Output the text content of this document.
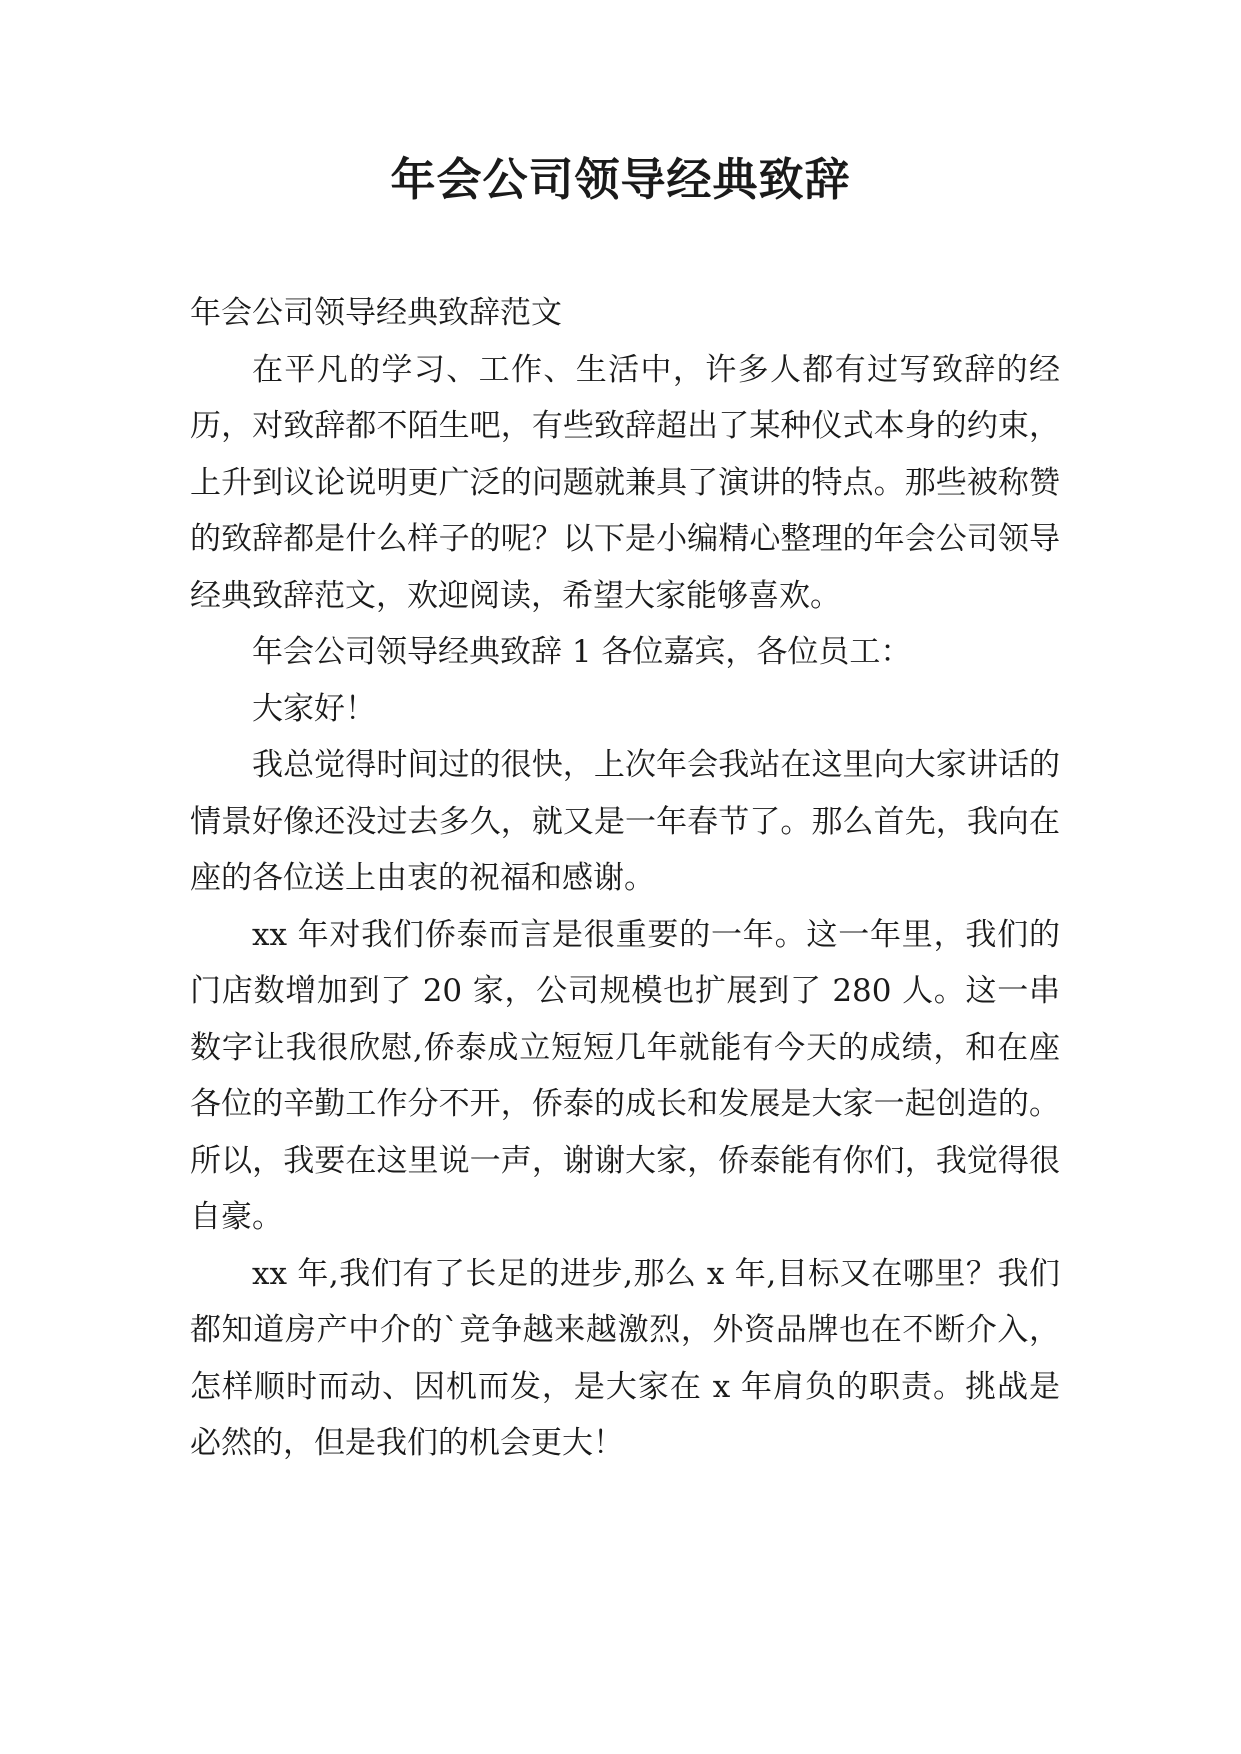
年会公司领导经典致辞

年会公司领导经典致辞范文

在平凡的学习、工作、生活中，许多人都有过写致辞的经历，对致辞都不陌生吧，有些致辞超出了某种仪式本身的约束，上升到议论说明更广泛的问题就兼具了演讲的特点。那些被称赞的致辞都是什么样子的呢？以下是小编精心整理的年会公司领导经典致辞范文，欢迎阅读，希望大家能够喜欢。

年会公司领导经典致辞 1 各位嘉宾，各位员工：

大家好！

我总觉得时间过的很快，上次年会我站在这里向大家讲话的情景好像还没过去多久，就又是一年春节了。那么首先，我向在座的各位送上由衷的祝福和感谢。

xx 年对我们侨泰而言是很重要的一年。这一年里，我们的门店数增加到了 20 家，公司规模也扩展到了 280 人。这一串数字让我很欣慰,侨泰成立短短几年就能有今天的成绩，和在座各位的辛勤工作分不开，侨泰的成长和发展是大家一起创造的。所以，我要在这里说一声，谢谢大家，侨泰能有你们，我觉得很自豪。

xx 年,我们有了长足的进步,那么 x 年,目标又在哪里？我们都知道房产中介的`竞争越来越激烈，外资品牌也在不断介入，怎样顺时而动、因机而发，是大家在 x 年肩负的职责。挑战是必然的，但是我们的机会更大！
